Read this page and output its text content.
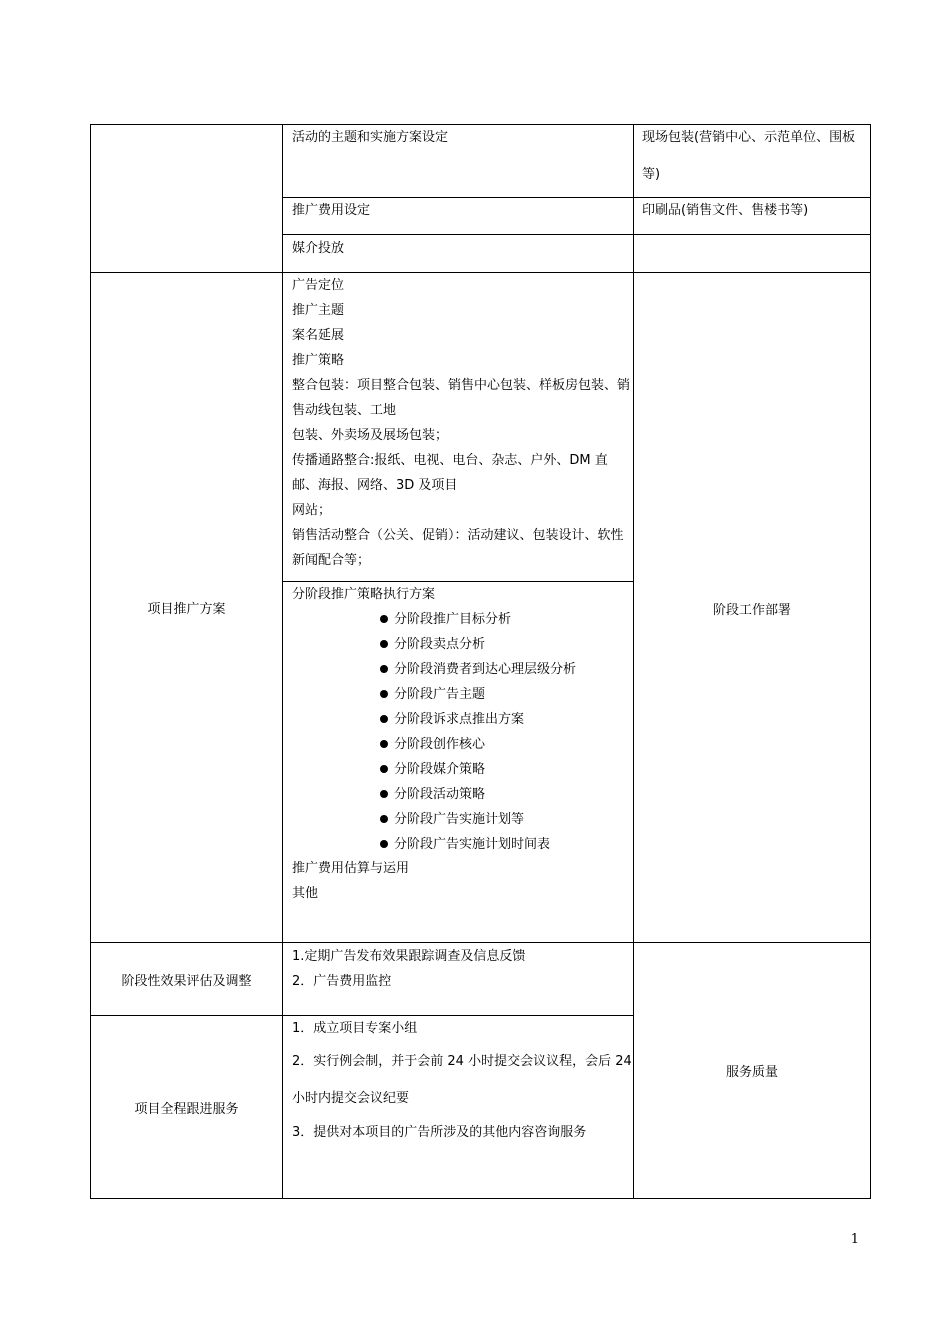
活动的主题和实施方案设定
推广费用设定
媒介投放
现场包装(营销中心、示范单位、围板
等)
印刷品(销售文件、售楼书等)
项目推广方案	阶段工作部署
广告定位
推广主题
案名延展
推广策略
整合包装：项目整合包装、销售中心包装、样板房包装、销
售动线包装、工地
包装、外卖场及展场包装；
传播通路整合:报纸、电视、电台、杂志、户外、DM 直
邮、海报、网络、3D 及项目
网站；
销售活动整合（公关、促销）：活动建议、包装设计、软性
新闻配合等；
分阶段推广策略执行方案
分阶段推广目标分析
分阶段卖点分析
分阶段消费者到达心理层级分析
分阶段广告主题
分阶段诉求点推出方案
分阶段创作核心
分阶段媒介策略
分阶段活动策略
分阶段广告实施计划等
分阶段广告实施计划时间表
推广费用估算与运用
其他
阶段性效果评估及调整
1.定期广告发布效果跟踪调查及信息反馈
2．广告费用监控
项目全程跟进服务
1．成立项目专案小组
2．实行例会制，并于会前 24 小时提交会议议程，会后 24
小时内提交会议纪要
3．提供对本项目的广告所涉及的其他内容咨询服务
服务质量
1
